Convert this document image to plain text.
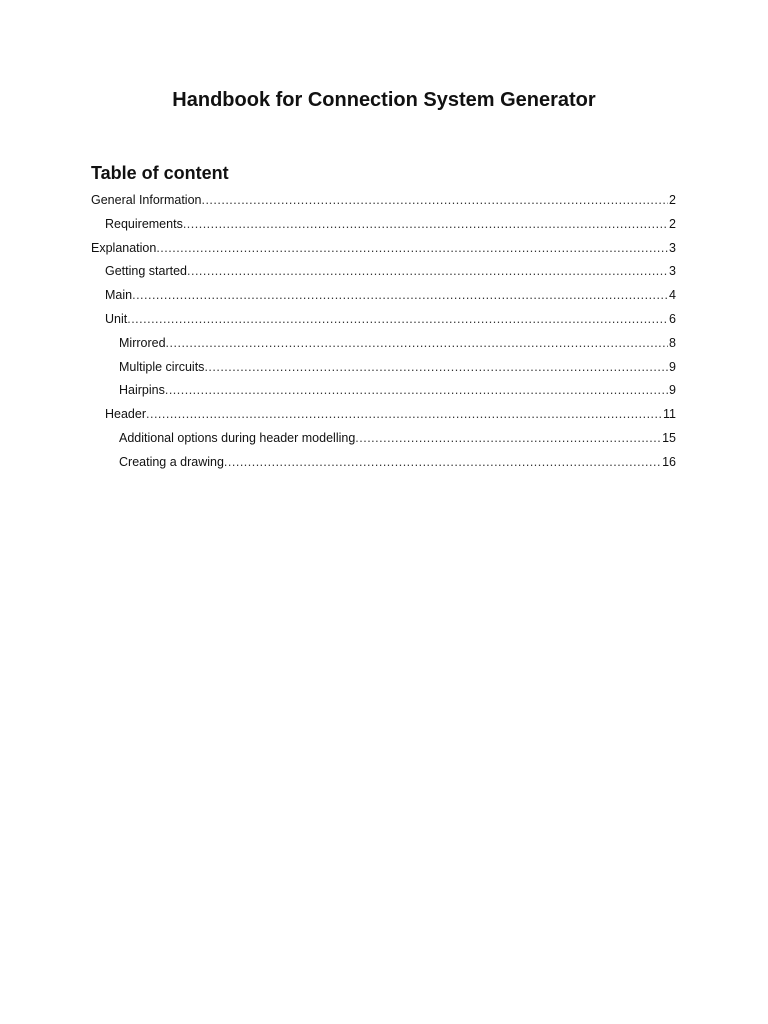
Handbook for Connection System Generator
Table of content
General Information .....	2
Requirements .....	2
Explanation .....	3
Getting started .....	3
Main .....	4
Unit .....	6
Mirrored .....	8
Multiple circuits .....	9
Hairpins .....	9
Header .....	11
Additional options during header modelling .....	15
Creating a drawing .....	16
